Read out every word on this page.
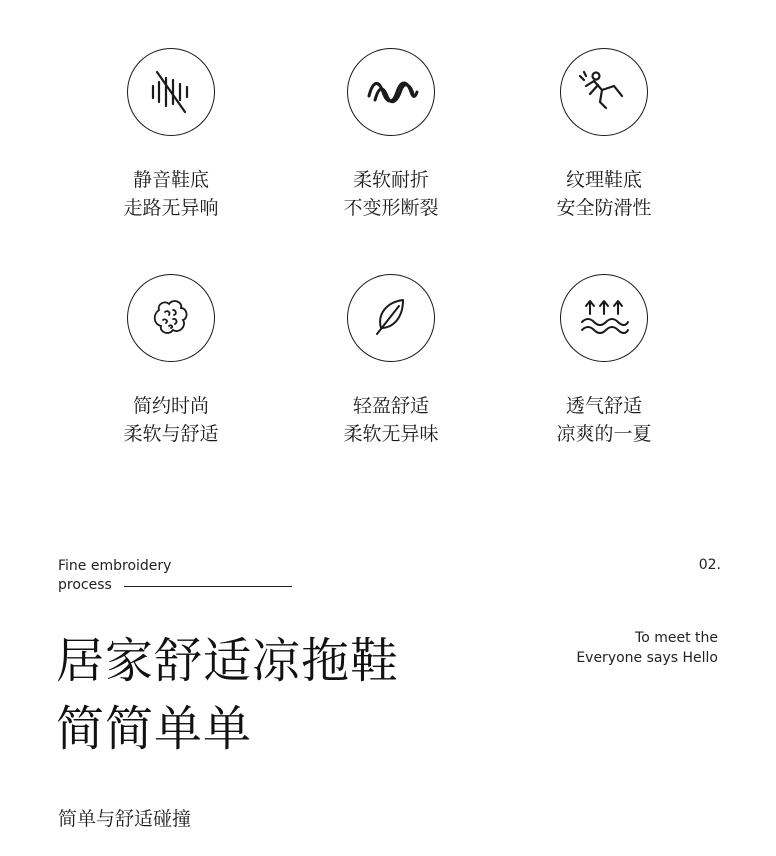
静音鞋底
走路无异响
柔软耐折
不变形断裂
纹理鞋底
安全防滑性
简约时尚
柔软与舒适
轻盈舒适
柔软无异味
透气舒适
凉爽的一夏
Fine embroidery
process
02.
To meet the
Everyone says Hello
居家舒适凉拖鞋
简简单单
简单与舒适碰撞
